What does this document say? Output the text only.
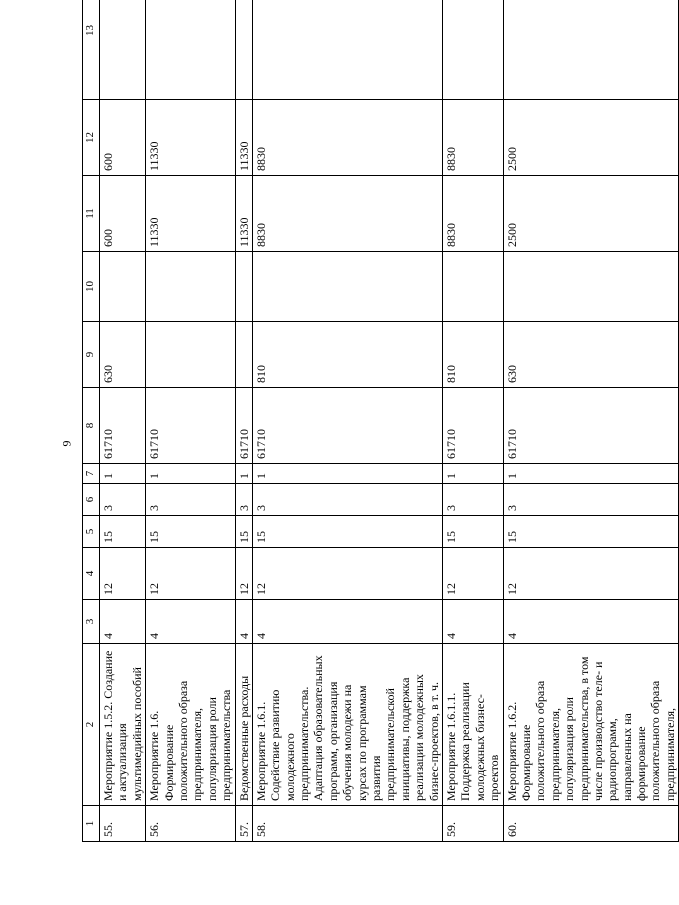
9
1	2	3	4	5	6	7	8	9	10	11	12	13
55.	Мероприятие 1.5.2. Создание и актуализация мультимедийных пособий	4	12	15	3	1	61710	630		600	600	
56.	Мероприятие 1.6. Формирование положительного образа предпринимателя, популяризация роли предпринимательства	4	12	15	3	1	61710			11330	11330	
57.	Ведомственные расходы	4	12	15	3	1	61710			11330	11330	
58.	Мероприятие 1.6.1. Содействие развитию молодежного предпринимательства. Адаптация образовательных программ, организация обучения молодежи на курсах по программам развития предпринимательской инициативы, поддержка реализации молодежных бизнес-проектов, в т. ч.	4	12	15	3	1	61710	810		8830	8830	
59.	Мероприятие 1.6.1.1. Поддержка реализации молодежных бизнес-проектов	4	12	15	3	1	61710	810		8830	8830	
60.	Мероприятие 1.6.2. Формирование положительного образа предпринимателя, популяризация роли предпринимательства, в том числе производство теле- и радиопрограмм, направленных на формирование положительного образа предпринимателя,	4	12	15	3	1	61710	630		2500	2500	
